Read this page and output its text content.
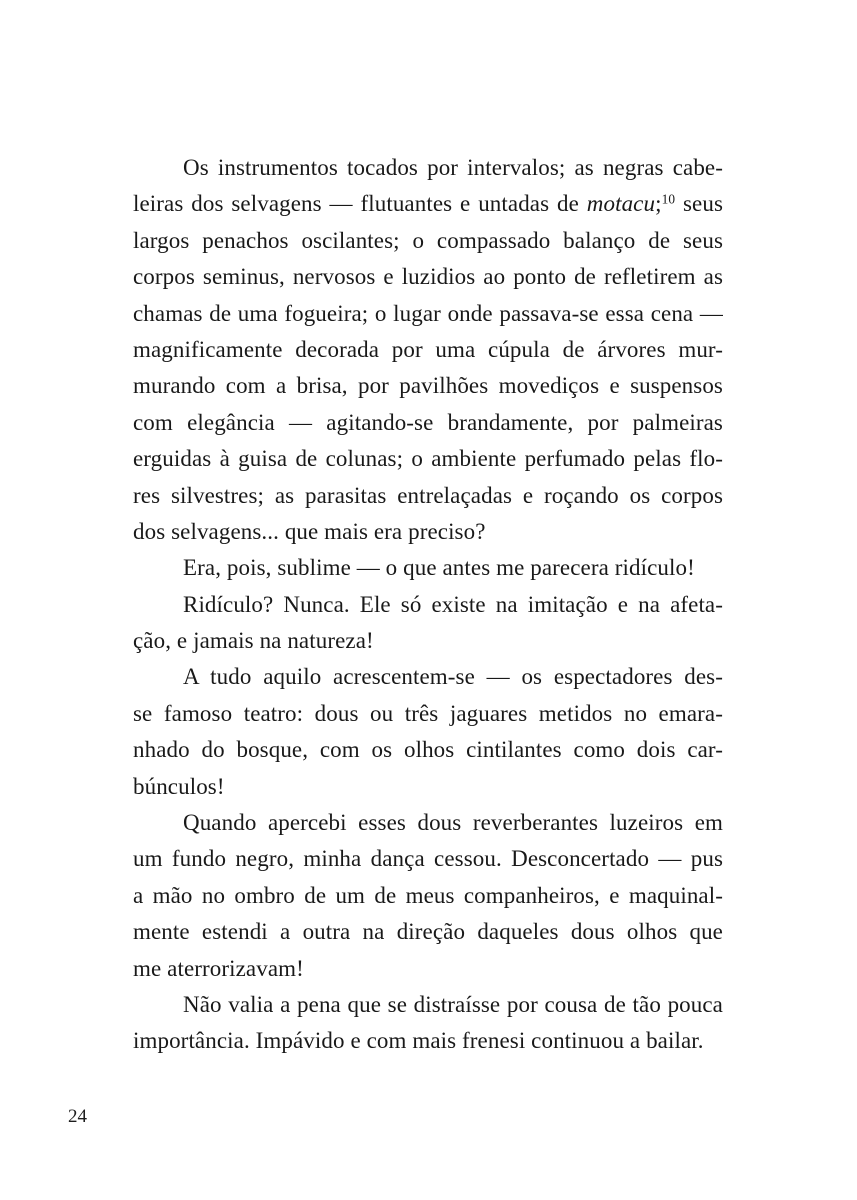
Os instrumentos tocados por intervalos; as negras cabe-
leiras dos selvagens — flutuantes e untadas de motacu;$^{10}$ seus
largos penachos oscilantes; o compassado balanço de seus
corpos seminus, nervosos e luzidios ao ponto de refletirem as
chamas de uma fogueira; o lugar onde passava-se essa cena —
magnificamente decorada por uma cúpula de árvores mur-
murando com a brisa, por pavilhões movediços e suspensos
com elegância — agitando-se brandamente, por palmeiras
erguidas à guisa de colunas; o ambiente perfumado pelas flo-
res silvestres; as parasitas entrelaçadas e roçando os corpos
dos selvagens... que mais era preciso?

Era, pois, sublime — o que antes me parecera ridículo!

Ridículo? Nunca. Ele só existe na imitação e na afeta-
ção, e jamais na natureza!

A tudo aquilo acrescentem-se — os espectadores des-
se famoso teatro: dous ou três jaguares metidos no emara-
nhado do bosque, com os olhos cintilantes como dois car-
búnculos!

Quando apercebi esses dous reverberantes luzeiros em
um fundo negro, minha dança cessou. Desconcertado — pus
a mão no ombro de um de meus companheiros, e maquinal-
mente estendi a outra na direção daqueles dous olhos que
me aterrorizavam!

Não valia a pena que se distraísse por cousa de tão pouca
importância. Impávido e com mais frenesi continuou a bailar.

24
